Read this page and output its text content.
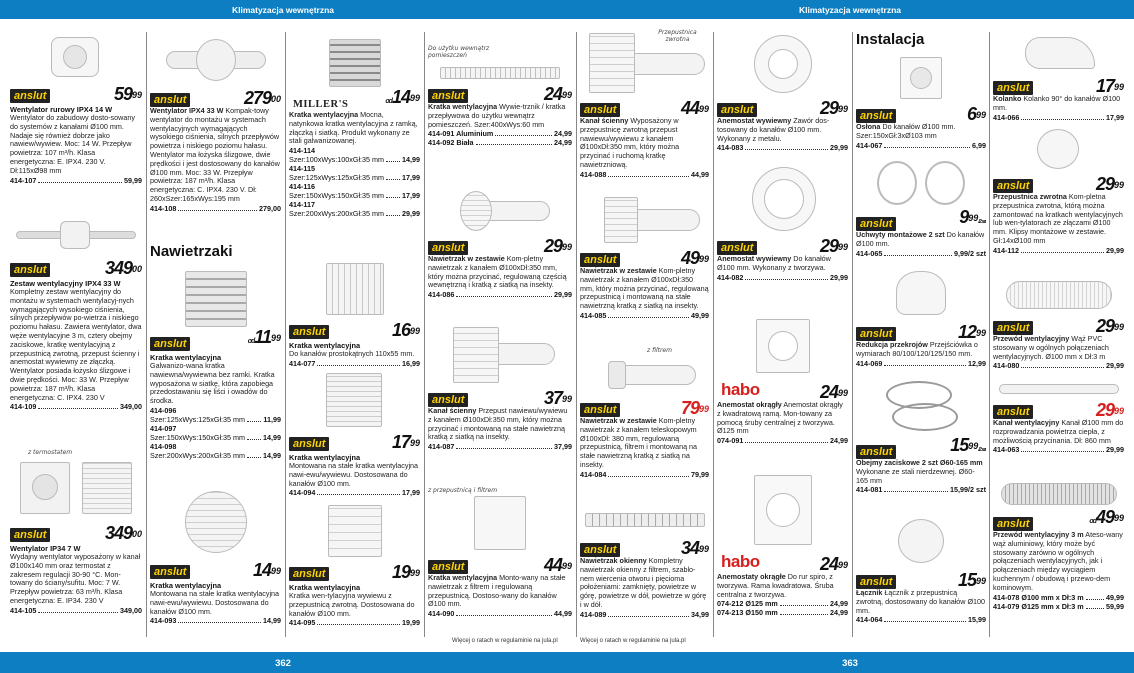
Klimatyzacja wewnętrzna	Klimatyzacja wewnętrzna
anslut	$59^{99}$
Wentylator rurowy IPX4 14 W
Wentylator do zabudowy dosto-sowany do systemów z kanałami Ø100 mm. Nadaje się również dobrze jako nawiew/wywiew. Moc: 14 W. Przepływ powietrza: 107 m³/h. Klasa energetyczna: E. IPX4. 230 V. Dł:115xØ98 mm
414-107	59,99
anslut	$349^{00}$
Zestaw wentylacyjny IPX4 33 W
Kompletny zestaw wentylacyjny do montażu w systemach wentylacyj-nych wymagających wysokiego ciśnienia, silnych przepływów po-wietrza i niskiego poziomu hałasu. Zawiera wentylator, dwa węże wentylacyjne 3 m, cztery obejmy zaciskowe, kratkę wentylacyjną z przepustnicą zwrotną, przepust ścienny i anemostat wywiewny ze złączką. Wentylator posiada łożysko ślizgowe i dwie prędkości. Moc: 33 W. Przepływ powietrza: 187 m³/h. Klasa energetyczna: C. IPX4. 230 V
414-109	349,00
z termostatem
anslut	$349^{00}$
Wentylator IP34 7 W
Wydajny wentylator wyposażony w kanał Ø100x140 mm oraz termostat z zakresem regulacji 30-90 °C. Mon-towany do ściany/sufitu. Moc: 7 W. Przepływ powietrza: 63 m³/h. Klasa energetyczna: E. IP34. 230 V
414-105	349,00
anslut	$279^{00}$
Wentylator IPX4 33 W Kompak-towy wentylator do montażu w systemach wentylacyjnych wymagających wysokiego ciśnienia, silnych przepływów powietrza i niskiego poziomu hałasu. Wentylator ma łożyska ślizgowe, dwie prędkości i jest dostosowany do kanałów Ø100 mm. Moc: 33 W. Przepływ powietrza: 187 m³/h. Klasa energetyczna: C. IPX4. 230 V. Dł: 260xSzer:165xWys:195 mm
414-108	279,00
Nawietrzaki
anslut	$od11^{99}$
Kratka wentylacyjna
Galwanizo-wana kratka nawiewna/wywiewna bez ramki. Kratka wyposażona w siatkę, która zapobiega przedostawaniu się liści i owadów do środka.
414-096
Szer:125xWys:125xGł:35 mm	11,99
414-097
Szer:150xWys:150xGł:35 mm 14,99
414-098
Szer:200xWys:200xGł:35 mm 14,99
anslut	$14^{99}$
Kratka wentylacyjna
Montowana na stałe kratka wentylacyjna nawi-ewu/wywiewu. Dostosowana do kanałów Ø100 mm.
414-093	14,99
MILLER'S	$od14^{99}$
Kratka wentylacyjna Mocna, natynkowa kratka wentylacyjna z ramką, złączką i siatką. Produkt wykonany ze stali galwanizowanej.
414-114
Szer:100xWys:100xGł:35 mm 14,99
414-115
Szer:125xWys:125xGł:35 mm 17,99
414-116
Szer:150xWys:150xGł:35 mm 17,99
414-117
Szer:200xWys:200xGł:35 mm 29,99
anslut	$16^{99}$
Kratka wentylacyjna
Do kanałów prostokątnych 110x55 mm.
414-077	16,99
anslut	$17^{99}$
Kratka wentylacyjna
Montowana na stałe kratka wentylacyjna nawi-ewu/wywiewu. Dostosowana do kanałów Ø100 mm.
414-094	17,99
anslut	$19^{99}$
Kratka wentylacyjna
Kratka wen-tylacyjna wywiewu z przepustnicą zwrotną. Dostosowana do kanałów Ø100 mm.
414-095	19,99
Do użytku wewnątrz pomieszczeń
anslut	$24^{99}$
Kratka wentylacyjna Wywie-trznik / kratka przepływowa do użytku wewnątrz pomieszczeń. Szer:400xWys:60 mm
414-091 Aluminium	24,99
414-092 Biała	24,99
anslut	$29^{99}$
Nawietrzak w zestawie Kom-pletny nawietrzak z kanałem Ø100xDł:350 mm, który można przycinać, regulowaną częścią wewnętrzną i kratką z siatką na insekty.
414-086	29,99
anslut	$37^{99}$
Kanał ścienny Przepust nawiewu/wywiewu z kanałem Ø100xDł:350 mm, który można przycinać i montowaną na stałe nawietrzną kratką z siatką na insekty.
414-087	37,99
z przepustnicą i filtrem
anslut	$44^{99}$
Kratka wentylacyjna Monto-wany na stałe nawietrzak z filtrem i regulowaną przepustnicą. Dostoso-wany do kanałów Ø100 mm.
414-090	44,99
Przepustnica zwrotna
anslut	$44^{99}$
Kanał ścienny Wyposażony w przepustnicę zwrotną przepust nawiewu/wywiewu z kanałem Ø100xDł:350 mm, który można przycinać i ruchomą kratkę nawietrzniową.
414-088	44,99
anslut	$49^{99}$
Nawietrzak w zestawie Kom-pletny nawietrzak z kanałem Ø100xDł:350 mm, który można przycinać, regulowaną przepustnicą i montowaną na stałe nawietrzną kratką z siatką na insekty.
414-085	49,99
z filtrem
anslut	$79^{99}$
Nawietrzak w zestawie Kom-pletny nawietrzak z kanałem teleskopowym Ø100xDł: 380 mm, regulowaną przepustnicą, filtrem i montowaną na stałe nawietrzną kratką z siatką na insekty.
414-084	79,99
anslut	$34^{99}$
Nawietrzak okienny Kompletny nawietrzak okienny z filtrem, szablo-nem wiercenia otworu i pięcioma położeniami: zamknięty, powietrze w górę, powietrze w dół, powietrze w górę i w dół.
414-089	34,99
anslut	$29^{99}$
Anemostat wywiewny Zawór dos-tosowany do kanałów Ø100 mm. Wykonany z metalu.
414-083	29,99
anslut	$29^{99}$
Anemostat wywiewny Do kanałów Ø100 mm. Wykonany z tworzywa.
414-082	29,99
habo	$24^{99}$
Anemostat okrągły Anemostat okrągły z kwadratową ramą. Mon-towany za pomocą śruby centralnej z tworzywa. Ø125 mm
074-091	24,99
habo	$24^{99}$
Anemostaty okrągłe Do rur spiro, z tworzywa. Rama kwadratowa. Śruba centralna z tworzywa.
074-212 Ø125 mm	24,99
074-213 Ø150 mm	24,99
Instalacja
anslut	$6^{99}$
Osłona Do kanałów Ø100 mm. Szer:150xGł:3xØ103 mm
414-067	6,99
anslut	$9^{99}/2$ szt
Uchwyty montażowe 2 szt Do kanałów Ø100 mm.
414-065	9,99/2 szt
anslut	$12^{99}$
Redukcja przekrojów Przejściówka o wymiarach 80/100/120/125/150 mm.
414-069	12,99
anslut	$15^{99}/2$ szt
Obejmy zaciskowe 2 szt Ø60-165 mm Wykonane ze stali nierdzewnej. Ø60-165 mm
414-081	15,99/2 szt
anslut	$15^{99}$
Łącznik Łącznik z przepustnicą zwrotną, dostosowany do kanałów Ø100 mm.
414-064	15,99
anslut	$17^{99}$
Kolanko Kolanko 90° do kanałów Ø100 mm.
414-066	17,99
anslut	$29^{99}$
Przepustnica zwrotna Kom-pletna przepustnica zwrotna, którą można zamontować na kratkach wentylacyjnych lub wen-tylatorach ze złączami Ø100 mm. Klipsy montażowe w zestawie. Gł:14xØ100 mm
414-112	29,99
anslut	$29^{99}$
Przewód wentylacyjny Wąż PVC stosowany w ogólnych połączeniach wentylacyjnych. Ø100 mm x Dł:3 m
414-080	29,99
anslut	$29^{99}$
Kanał wentylacyjny Kanał Ø100 mm do rozprowadzania powietrza ciepła, z możliwością przycinania. Dł: 860 mm
414-063	29,99
anslut	$od49^{99}$
Przewód wentylacyjny 3 m Ateso-wany wąż aluminiowy, który może być stosowany zarówno w ogólnych połączeniach wentylacyjnych, jak i połączeniach między wyciągiem kuchennym / obudową i przewo-dem kominowym.
414-078 Ø100 mm x Dł:3 m	49,99
414-079 Ø125 mm x Dł:3 m	59,99
Więcej o ratach w regulaminie na jula.pl	Więcej o ratach w regulaminie na jula.pl
362	363
